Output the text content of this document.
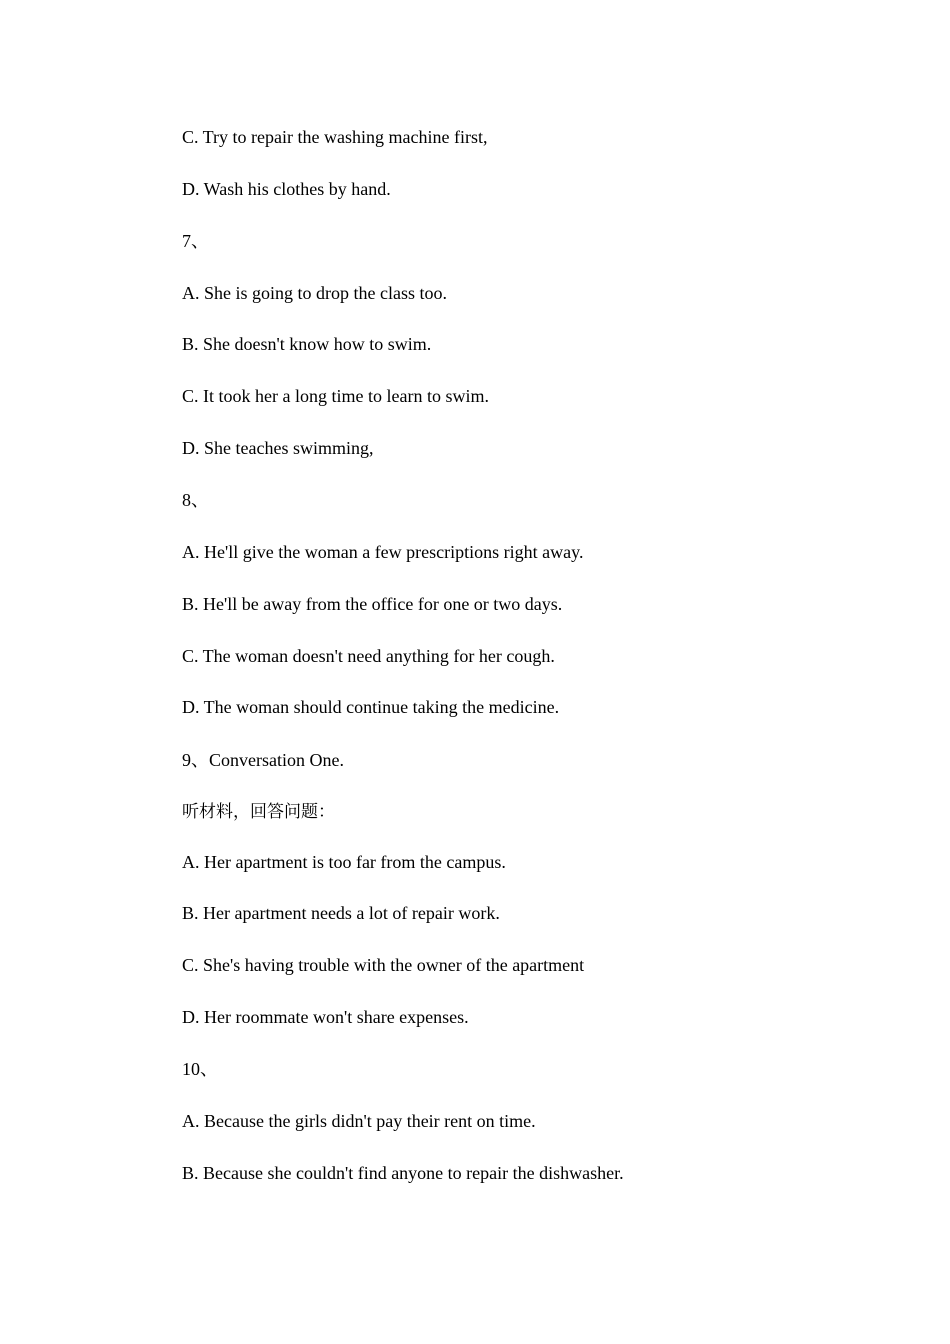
C. Try to repair the washing machine first,
D. Wash his clothes by hand.
7、
A. She is going to drop the class too.
B. She doesn't know how to swim.
C. It took her a long time to learn to swim.
D. She teaches swimming,
8、
A. He'll give the woman a few prescriptions right away.
B. He'll be away from the office for one or two days.
C. The woman doesn't need anything for her cough.
D. The woman should continue taking the medicine.
9、Conversation One.
听材料，回答问题：
A. Her apartment is too far from the campus.
B. Her apartment needs a lot of repair work.
C. She's having trouble with the owner of the apartment
D. Her roommate won't share expenses.
10、
A. Because the girls didn't pay their rent on time.
B. Because she couldn't find anyone to repair the dishwasher.
